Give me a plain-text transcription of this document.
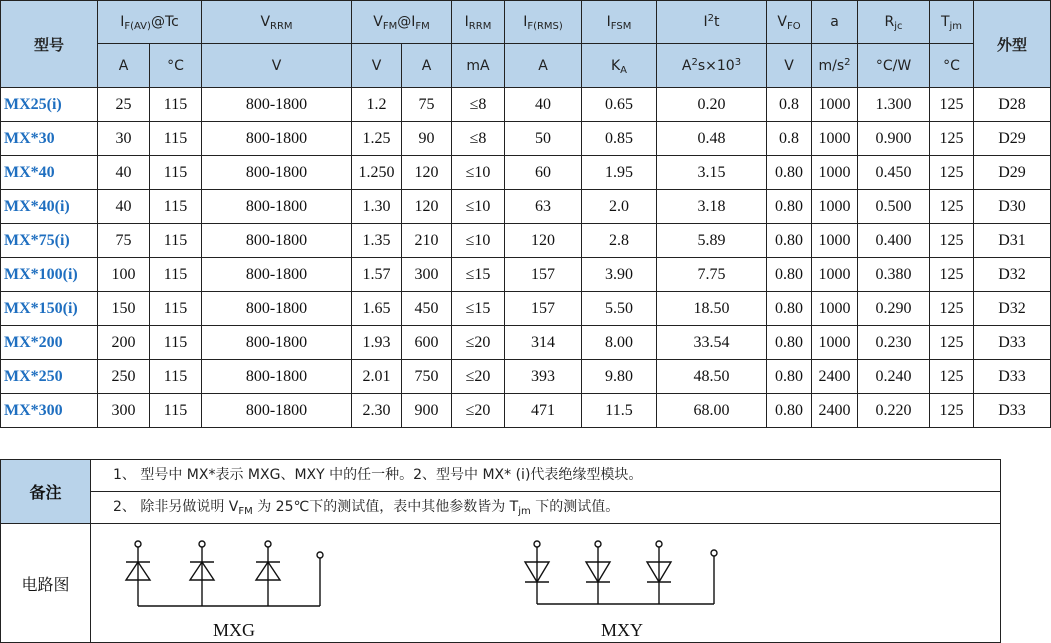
型号	$I_{F(AV)}@Tc$		$V_{RRM}$	$V_{FM}@I_{FM}$		$I_{RRM}$	$I_{F(RMS)}$	$I_{FSM}$	$I^2t$	$V_{FO}$	a	$R_{jc}$	$T_{jm}$	外型
	A	°C	V	V	A	mA	A	$K_A$	$A^2s\times 10^3$	V	$m/s^2$	°C/W	°C	
MX25(i)	25	115	800-1800	1.2	75	≤8	40	0.65	0.20	0.8	1000	1.300	125	D28
MX*30	30	115	800-1800	1.25	90	≤8	50	0.85	0.48	0.8	1000	0.900	125	D29
MX*40	40	115	800-1800	1.250	120	≤10	60	1.95	3.15	0.80	1000	0.450	125	D29
MX*40(i)	40	115	800-1800	1.30	120	≤10	63	2.0	3.18	0.80	1000	0.500	125	D30
MX*75(i)	75	115	800-1800	1.35	210	≤10	120	2.8	5.89	0.80	1000	0.400	125	D31
MX*100(i)	100	115	800-1800	1.57	300	≤15	157	3.90	7.75	0.80	1000	0.380	125	D32
MX*150(i)	150	115	800-1800	1.65	450	≤15	157	5.50	18.50	0.80	1000	0.290	125	D32
MX*200	200	115	800-1800	1.93	600	≤20	314	8.00	33.54	0.80	1000	0.230	125	D33
MX*250	250	115	800-1800	2.01	750	≤20	393	9.80	48.50	0.80	2400	0.240	125	D33
MX*300	300	115	800-1800	2.30	900	≤20	471	11.5	68.00	0.80	2400	0.220	125	D33
备注	1、 型号中 MX*表示 MXG、MXY 中的任一种。2、型号中 MX* (i)代表绝缘型模块。
	2、 除非另做说明 $V_{FM}$ 为 25℃下的测试值，表中其他参数皆为 $T_{jm}$ 下的测试值。
电路图	MXG MXY
